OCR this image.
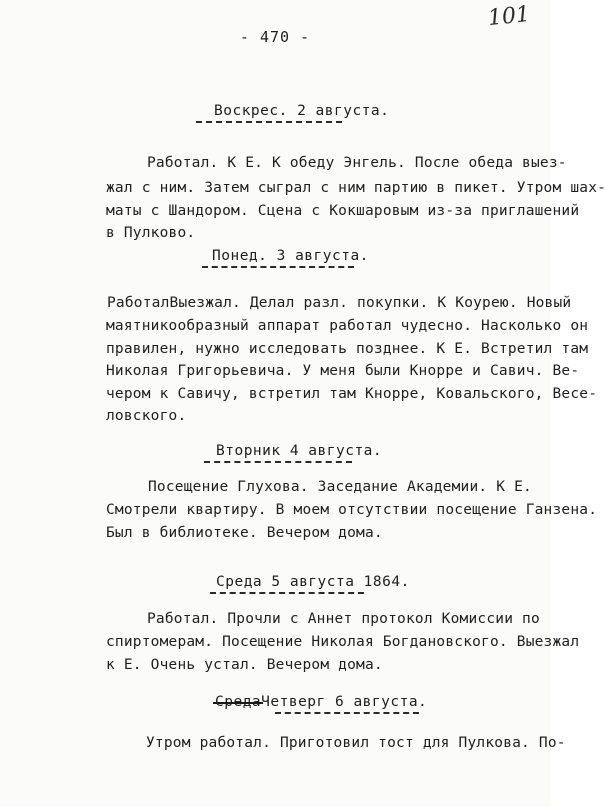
- 470 -
101
Воскрес. 2 августа.
Работал. К Е. К обеду Энгель. После обеда выез-
жал с ним. Затем сыграл с ним партию в пикет. Утром шах-
маты с Шандором. Сцена с Кокшаровым из-за приглашений
в Пулково.
Понед. 3 августа.
РаботалВыезжал. Делал разл. покупки. К Коурею. Новый
маятникообразный аппарат работал чудесно. Насколько он
правилен, нужно исследовать позднее. К Е. Встретил там
Николая Григорьевича. У меня были Кнорре и Савич. Ве-
чером к Савичу, встретил там Кнорре, Ковальского, Весе-
ловского.
Вторник 4 августа.
Посещение Глухова. Заседание Академии. К Е.
Смотрели квартиру. В моем отсутствии посещение Ганзена.
Был в библиотеке. Вечером дома.
Среда 5 августа 1864.
Работал. Прочли с Аннет протокол Комиссии по
спиртомерам. Посещение Николая Богдановского. Выезжал
к Е. Очень устал. Вечером дома.
СредаЧетверг 6 августа.
Утром работал. Приготовил тост для Пулкова. По-
